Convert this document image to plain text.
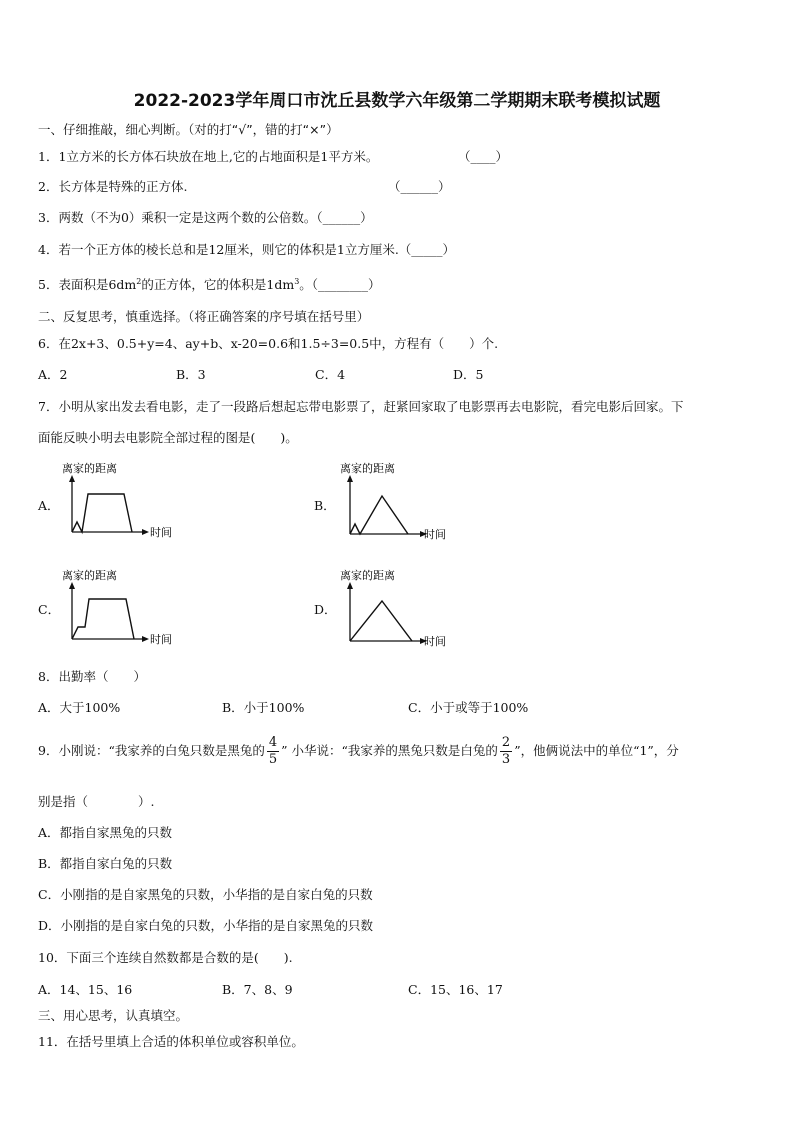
2022-2023学年周口市沈丘县数学六年级第二学期期末联考模拟试题
一、仔细推敲，细心判断。（对的打“√”，错的打“×”）
1．1立方米的长方体石块放在地上,它的占地面积是1平方米。	（____）
2．长方体是特殊的正方体.	（______）
3．两数（不为0）乘积一定是这两个数的公倍数。（______）
4．若一个正方体的棱长总和是12厘米，则它的体积是1立方厘米.（_____）
5．表面积是$6dm^2$的正方体，它的体积是$1dm^3$。（________）
二、反复思考，慎重选择。（将正确答案的序号填在括号里）
6．在2x+3、0.5+y=4、ay+b、x-20=0.6和1.5÷3=0.5中，方程有（　　）个.
A．2	B．3	C．4	D．5
7．小明从家出发去看电影，走了一段路后想起忘带电影票了，赶紧回家取了电影票再去电影院，看完电影后回家。下
面能反映小明去电影院全部过程的图是(　　)。
A．
离家的距离
时间
B．
离家的距离
时间
C．
离家的距离
时间
D．
离家的距离
时间
8．出勤率（　　）
A．大于100%	B．小于100%	C．小于或等于100%
9．小刚说：“我家养的白兔只数是黑兔的 $\frac{4}{5}$ ” 小华说：“我家养的黑兔只数是白兔的 $\frac{2}{3}$ ”，他俩说法中的单位“1”，分
别是指（　　　　）.
A．都指自家黑兔的只数
B．都指自家白兔的只数
C．小刚指的是自家黑兔的只数，小华指的是自家白兔的只数
D．小刚指的是自家白兔的只数，小华指的是自家黑兔的只数
10．下面三个连续自然数都是合数的是(　　).
A．14、15、16	B．7、8、9	C．15、16、17
三、用心思考，认真填空。
11．在括号里填上合适的体积单位或容积单位。
